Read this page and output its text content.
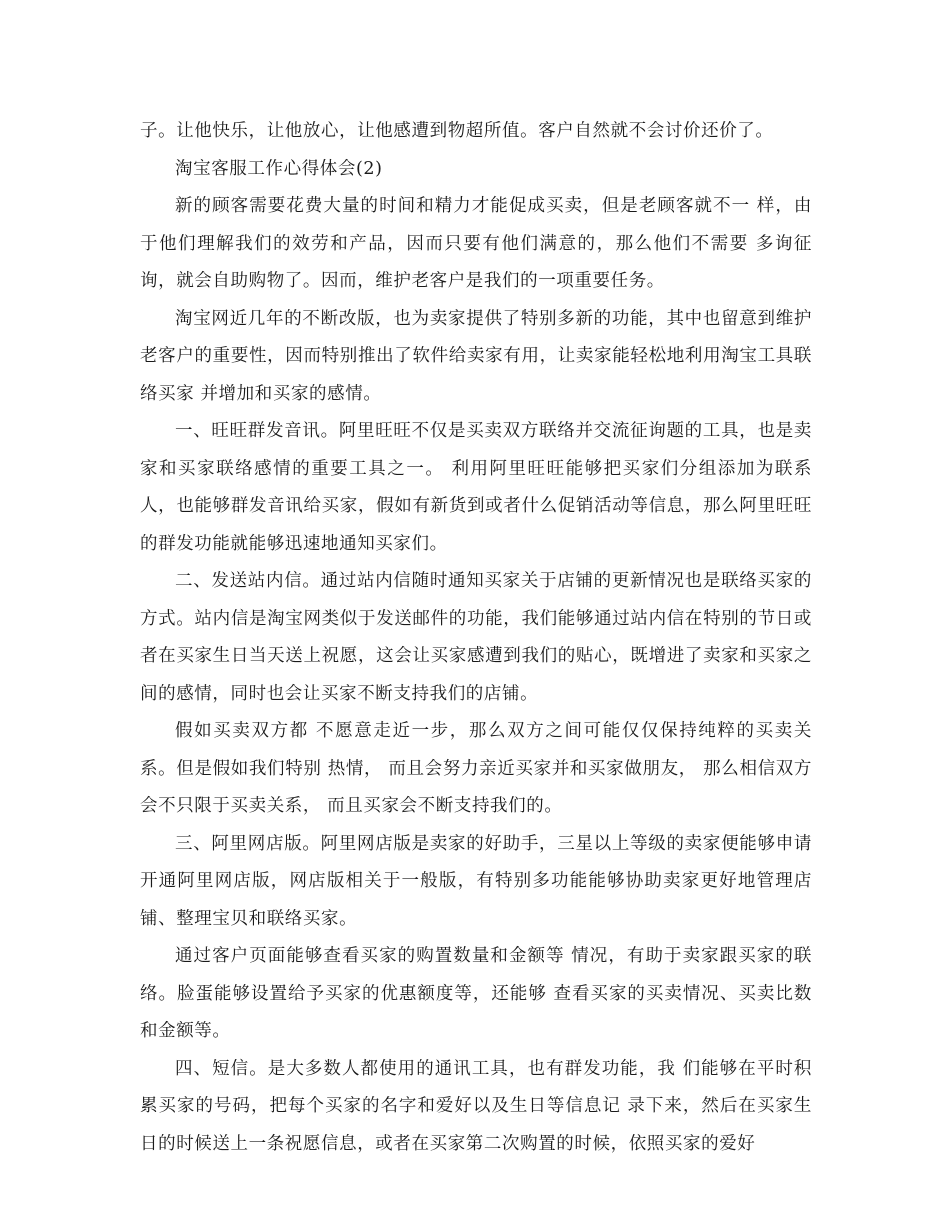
子。让他快乐，让他放心，让他感遭到物超所值。客户自然就不会讨价还价了。

淘宝客服工作心得体会(2)

新的顾客需要花费大量的时间和精力才能促成买卖，但是老顾客就不一 样，由于他们理解我们的效劳和产品，因而只要有他们满意的，那么他们不需要 多询征询，就会自助购物了。因而，维护老客户是我们的一项重要任务。

淘宝网近几年的不断改版，也为卖家提供了特别多新的功能，其中也留意到维护老客户的重要性，因而特别推出了软件给卖家有用，让卖家能轻松地利用淘宝工具联络买家 并增加和买家的感情。

一、旺旺群发音讯。阿里旺旺不仅是买卖双方联络并交流征询题的工具，也是卖家和买家联络感情的重要工具之一。 利用阿里旺旺能够把买家们分组添加为联系人，也能够群发音讯给买家，假如有新货到或者什么促销活动等信息，那么阿里旺旺的群发功能就能够迅速地通知买家们。

二、发送站内信。通过站内信随时通知买家关于店铺的更新情况也是联络买家的方式。站内信是淘宝网类似于发送邮件的功能，我们能够通过站内信在特别的节日或者在买家生日当天送上祝愿，这会让买家感遭到我们的贴心，既增进了卖家和买家之间的感情，同时也会让买家不断支持我们的店铺。

假如买卖双方都 不愿意走近一步，那么双方之间可能仅仅保持纯粹的买卖关系。但是假如我们特别 热情， 而且会努力亲近买家并和买家做朋友， 那么相信双方会不只限于买卖关系， 而且买家会不断支持我们的。

三、阿里网店版。阿里网店版是卖家的好助手，三星以上等级的卖家便能够申请开通阿里网店版，网店版相关于一般版，有特别多功能能够协助卖家更好地管理店铺、整理宝贝和联络买家。

通过客户页面能够查看买家的购置数量和金额等 情况，有助于卖家跟买家的联络。脸蛋能够设置给予买家的优惠额度等，还能够 查看买家的买卖情况、买卖比数和金额等。

四、短信。是大多数人都使用的通讯工具，也有群发功能，我 们能够在平时积累买家的号码，把每个买家的名字和爱好以及生日等信息记 录下来，然后在买家生日的时候送上一条祝愿信息，或者在买家第二次购置的时候，依照买家的爱好
